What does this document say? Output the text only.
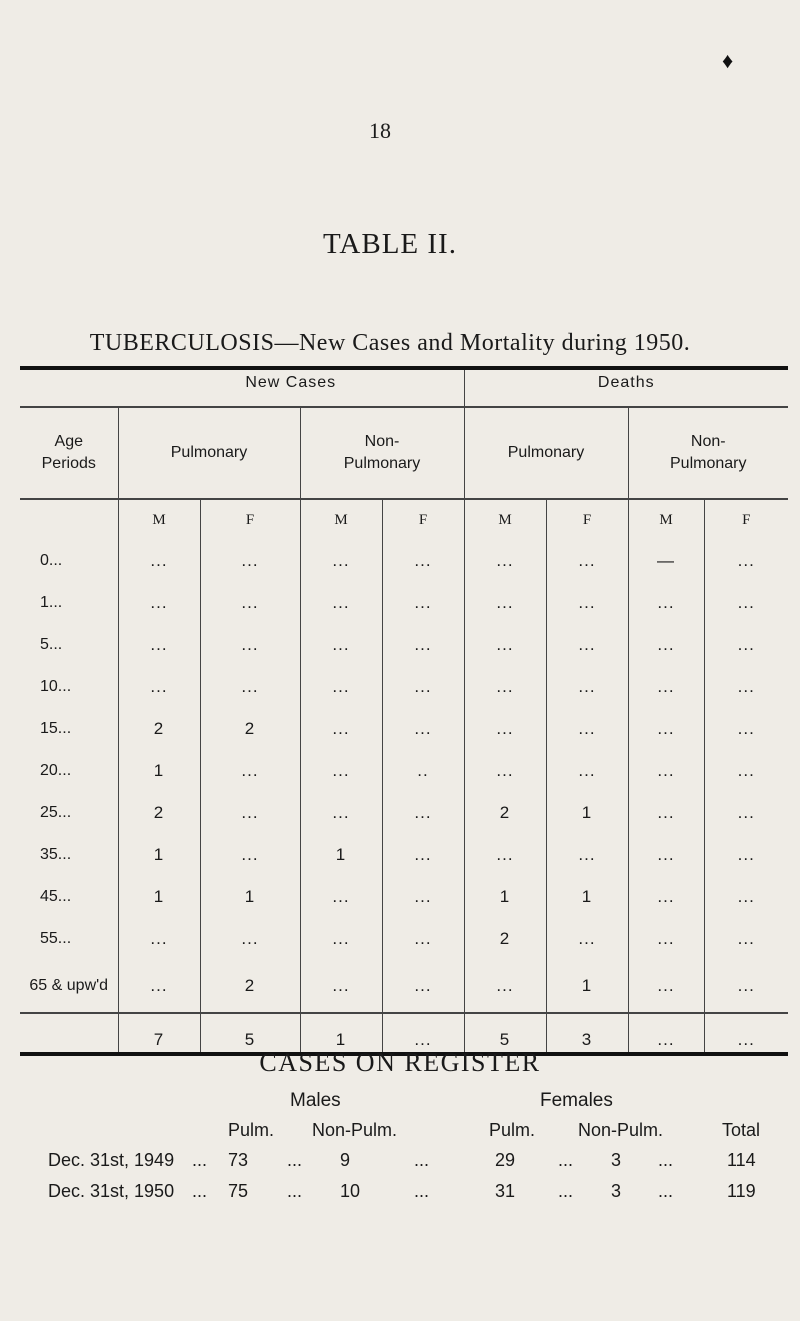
♦
18
TABLE II.
TUBERCULOSIS—New Cases and Mortality during 1950.
	New Cases				Deaths			
Age Periods	Pulmonary		Non-Pulmonary		Pulmonary		Non-Pulmonary	
	M	F	M	F	M	F	M	F
0...	...	...	...	...	...	...	—	...
1...	...	...	...	...	...	...	...	...
5...	...	...	...	...	...	...	...	...
10...	...	...	...	...	...	...	...	...
15...	2	2	...	...	...	...	...	...
20...	1	...	...	..	...	...	...	...
25...	2	...	...	...	2	1	...	...
35...	1	...	1	...	...	...	...	...
45...	1	1	...	...	1	1	...	...
55...	...	...	...	...	2	...	...	...
65 & upw'd	...	2	...	...	...	1	...	...
	7	5	1	...	5	3	...	...

CASES ON REGISTER
Males	Females
Pulm. Non-Pulm.	Pulm. Non-Pulm.	Total
Dec. 31st, 1949 ... 73 ... 9	...	29 ... 3 ...	114
Dec. 31st, 1950 ... 75 ... 10	...	31 ... 3 ...	119
